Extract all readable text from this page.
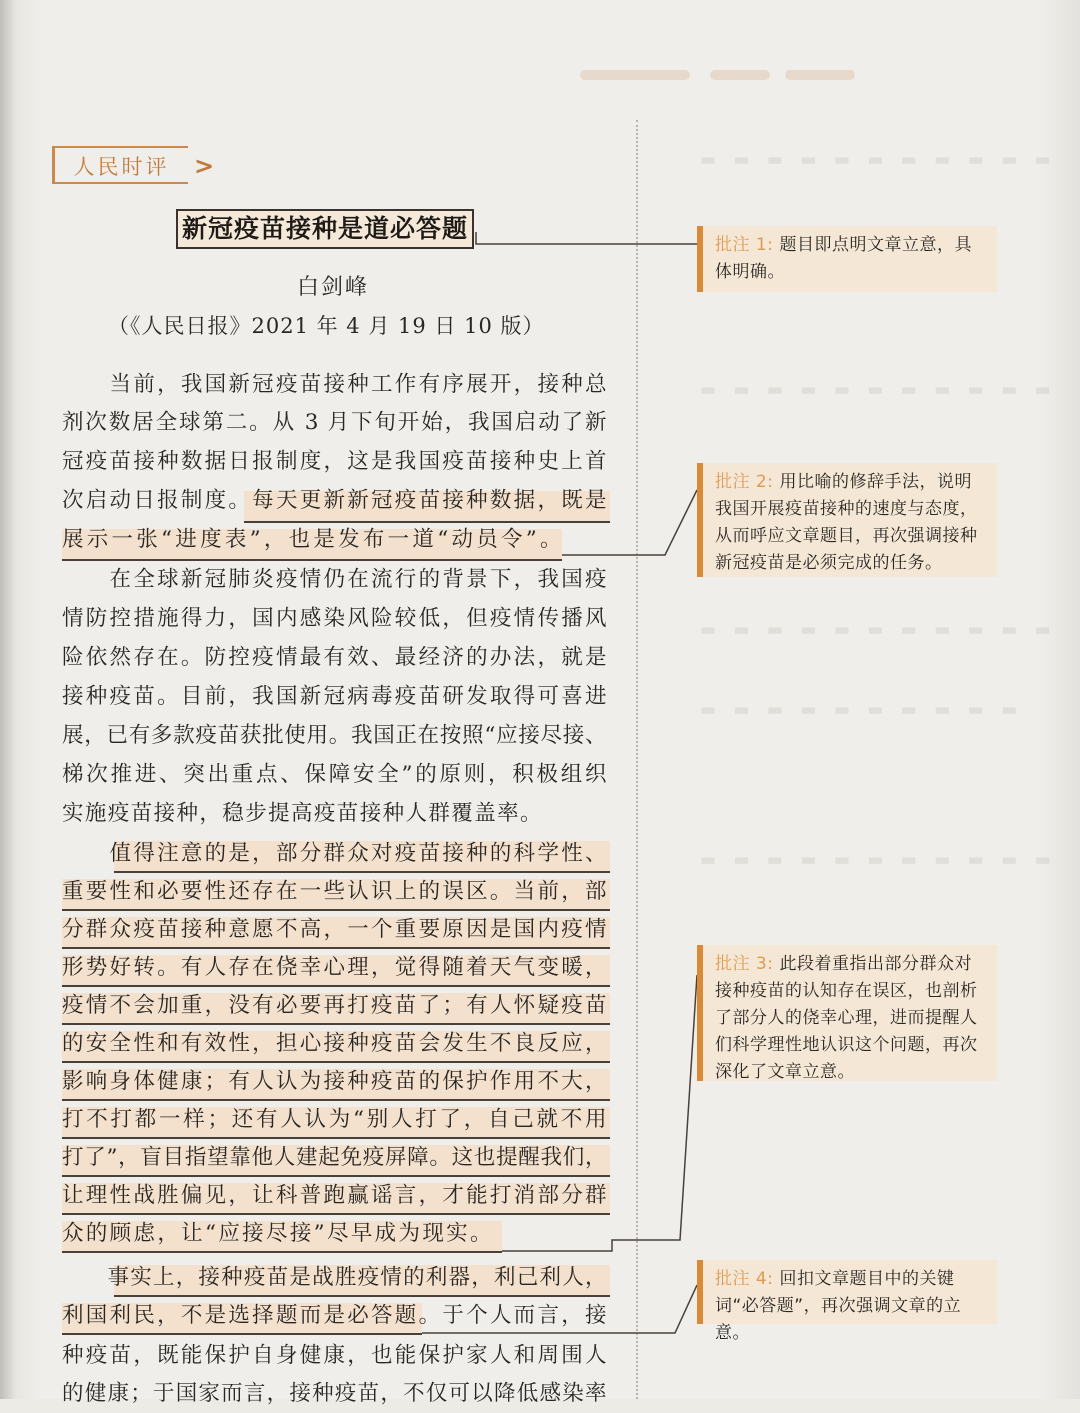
▬ ▬ ▬ ▬ ▬ ▬ ▬ ▬ ▬ ▬ ▬
▬ ▬ ▬ ▬ ▬ ▬ ▬ ▬ ▬ ▬ ▬
▬ ▬ ▬ ▬ ▬ ▬ ▬ ▬ ▬ ▬ ▬
▬ ▬ ▬ ▬ ▬ ▬ ▬ ▬ ▬ ▬
▬ ▬ ▬ ▬ ▬ ▬ ▬ ▬ ▬ ▬ ▬
人民时评	>
新冠疫苗接种是道必答题
白剑峰
（《人民日报》2021 年 4 月 19 日 10 版）
　　当前，我国新冠疫苗接种工作有序展开，接种总
剂次数居全球第二。从 3 月下旬开始，我国启动了新
冠疫苗接种数据日报制度，这是我国疫苗接种史上首
次启动日报制度。每天更新新冠疫苗接种数据，既是
展示一张“进度表”，也是发布一道“动员令”。
　　在全球新冠肺炎疫情仍在流行的背景下，我国疫
情防控措施得力，国内感染风险较低，但疫情传播风
险依然存在。防控疫情最有效、最经济的办法，就是
接种疫苗。目前，我国新冠病毒疫苗研发取得可喜进
展，已有多款疫苗获批使用。我国正在按照“应接尽接、
梯次推进、突出重点、保障安全”的原则，积极组织
实施疫苗接种，稳步提高疫苗接种人群覆盖率。
　　值得注意的是，部分群众对疫苗接种的科学性、
重要性和必要性还存在一些认识上的误区。当前，部
分群众疫苗接种意愿不高，一个重要原因是国内疫情
形势好转。有人存在侥幸心理，觉得随着天气变暖，
疫情不会加重，没有必要再打疫苗了；有人怀疑疫苗
的安全性和有效性，担心接种疫苗会发生不良反应，
影响身体健康；有人认为接种疫苗的保护作用不大，
打不打都一样；还有人认为“别人打了，自己就不用
打了”，盲目指望靠他人建起免疫屏障。这也提醒我们，
让理性战胜偏见，让科普跑赢谣言，才能打消部分群
众的顾虑，让“应接尽接”尽早成为现实。
　　事实上，接种疫苗是战胜疫情的利器，利己利人，
利国利民，不是选择题而是必答题。于个人而言，接
种疫苗，既能保护自身健康，也能保护家人和周围人
的健康；于国家而言，接种疫苗，不仅可以降低感染率
批注 1: 题目即点明文章立意，具体明确。
批注 2: 用比喻的修辞手法，说明我国开展疫苗接种的速度与态度，从而呼应文章题目，再次强调接种新冠疫苗是必须完成的任务。
批注 3: 此段着重指出部分群众对接种疫苗的认知存在误区，也剖析了部分人的侥幸心理，进而提醒人们科学理性地认识这个问题，再次深化了文章立意。
批注 4: 回扣文章题目中的关键词“必答题”，再次强调文章的立意。
